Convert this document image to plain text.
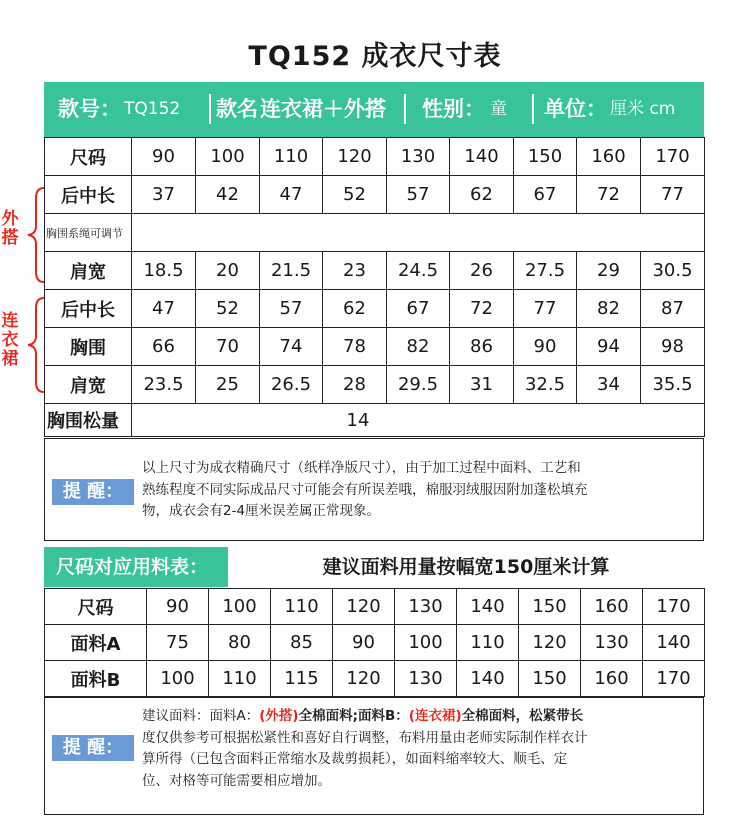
TQ152 成衣尺寸表
款号： TQ152 款名 连衣裙＋外搭 性别： 童 单位： 厘米 cm
外
搭
连
衣
裙
尺码	90	100	110	120	130	140	150	160	170
后中长	37	42	47	52	57	62	67	72	77
胸围系绳可调节									
肩宽	18.5	20	21.5	23	24.5	26	27.5	29	30.5
后中长	47	52	57	62	67	72	77	82	87
胸围	66	70	74	78	82	86	90	94	98
肩宽	23.5	25	26.5	28	29.5	31	32.5	34	35.5
胸围松量	14								
提 醒：
以上尺寸为成衣精确尺寸（纸样净版尺寸），由于加工过程中面料、工艺和
熟练程度不同实际成品尺寸可能会有所误差哦，棉服羽绒服因附加蓬松填充
物，成衣会有2-4厘米误差属正常现象。
尺码对应用料表：	建议面料用量按幅宽150厘米计算
尺码	90	100	110	120	130	140	150	160	170
面料A	75	80	85	90	100	110	120	130	140
面料B	100	110	115	120	130	140	150	160	170
提 醒：
建议面料：面料A：(外搭)全棉面料;面料B：(连衣裙)全棉面料，松紧带长
度仅供参考可根据松紧性和喜好自行调整，布料用量由老师实际制作样衣计
算所得（已包含面料正常缩水及裁剪损耗），如面料缩率较大、顺毛、定
位、对格等可能需要相应增加。
